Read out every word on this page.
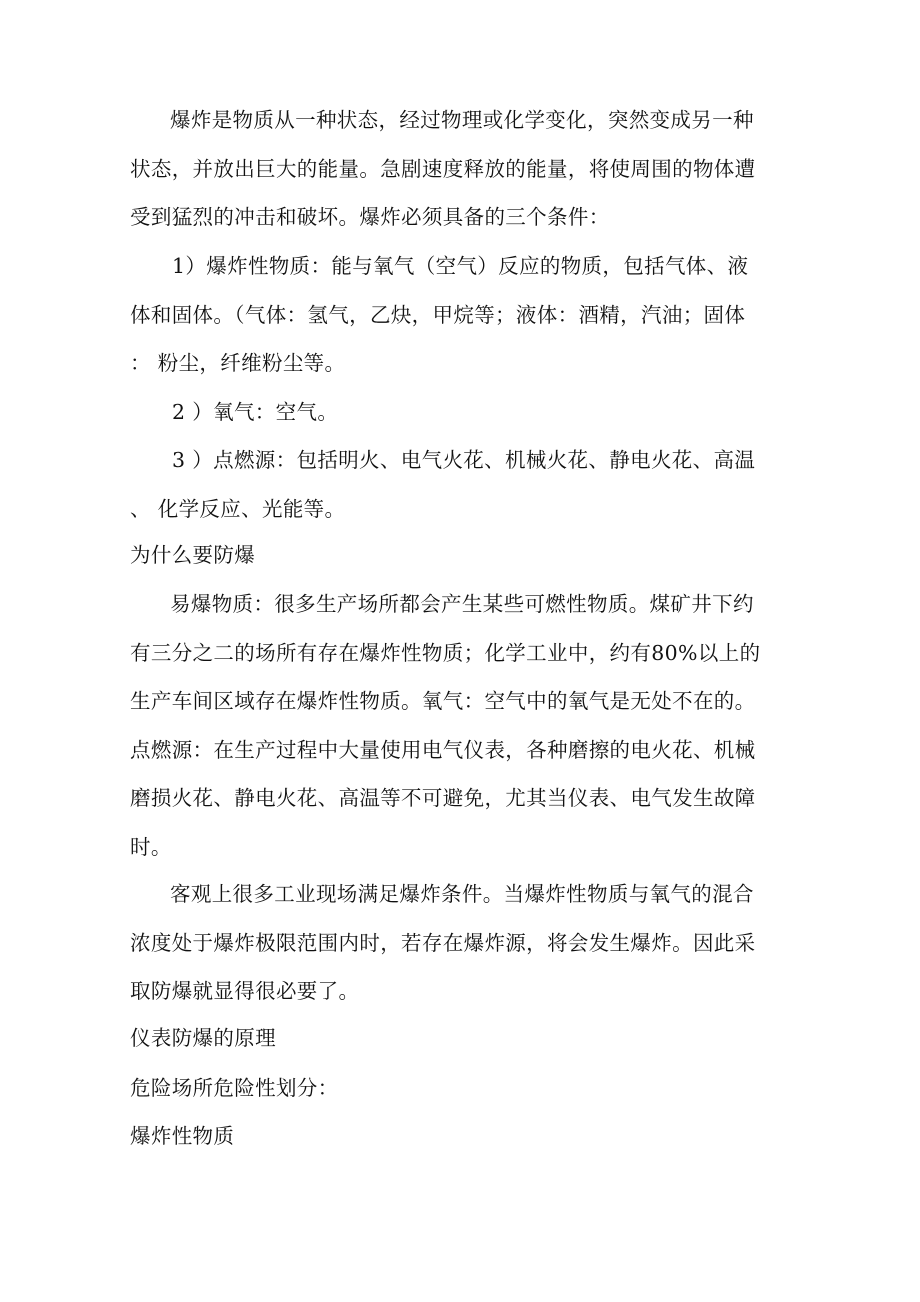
爆炸是物质从一种状态，经过物理或化学变化，突然变成另一种
状态，并放出巨大的能量。急剧速度释放的能量，将使周围的物体遭
受到猛烈的冲击和破坏。爆炸必须具备的三个条件：

1）爆炸性物质：能与氧气（空气）反应的物质，包括气体、液
体和固体。（气体：氢气，乙炔，甲烷等；液体：酒精，汽油；固体
： 粉尘，纤维粉尘等。

2 ）氧气：空气。

3 ）点燃源：包括明火、电气火花、机械火花、静电火花、高温
、 化学反应、光能等。

为什么要防爆

易爆物质：很多生产场所都会产生某些可燃性物质。煤矿井下约
有三分之二的场所有存在爆炸性物质；化学工业中，约有80%以上的
生产车间区域存在爆炸性物质。氧气：空气中的氧气是无处不在的。
点燃源：在生产过程中大量使用电气仪表，各种磨擦的电火花、机械
磨损火花、静电火花、高温等不可避免，尤其当仪表、电气发生故障
时。

客观上很多工业现场满足爆炸条件。当爆炸性物质与氧气的混合
浓度处于爆炸极限范围内时，若存在爆炸源，将会发生爆炸。因此采
取防爆就显得很必要了。

仪表防爆的原理
危险场所危险性划分：
爆炸性物质
